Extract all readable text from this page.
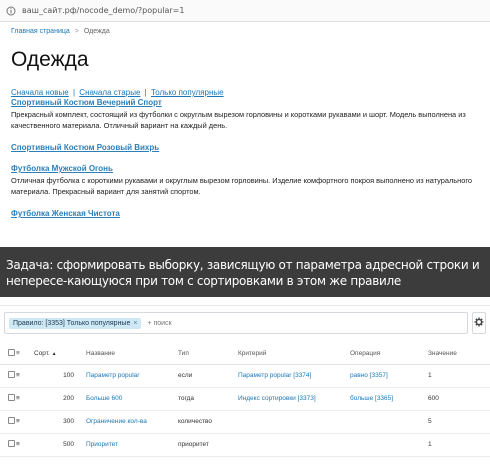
ваш_сайт.рф/nocode_demo/?popular=1
Главная страница > Одежда
Одежда
Сначала новые | Сначала старые | Только популярные
Спортивный Костюм Вечерний Спорт

Прекрасный комплект, состоящий из футболки с округлым вырезом горловины и коротками рукавами и шорт. Модель выполнена из качественного материала. Отличный вариант на каждый день.

Спортивный Костюм Розовый Вихрь
Футболка Мужской Огонь

Отличная футболка с короткими рукавами и округлым вырезом горловины. Изделие комфортного покроя выполнено из натурального материала. Прекрасный вариант для занятий спортом.

Футболка Женская Чистота
Задача: сформировать выборку, зависящую от параметра адресной строки и непересе-кающуюся при том с сортировками в этом же правиле
Правило: [3353] Только популярные ×
+ поиск
	≡	Сорт. ▲	Название	Тип	Критерий	Операция	Значение
	≡	100	Параметр popular	если	Параметр popular [3374]	равно [3357]	1
	≡	200	Больше 600	тогда	Индекс сортировки [3373]	больше [3365]	600
	≡	300	Ограничение кол-ва	количество			5
	≡	500	Приоритет	приоритет			1
